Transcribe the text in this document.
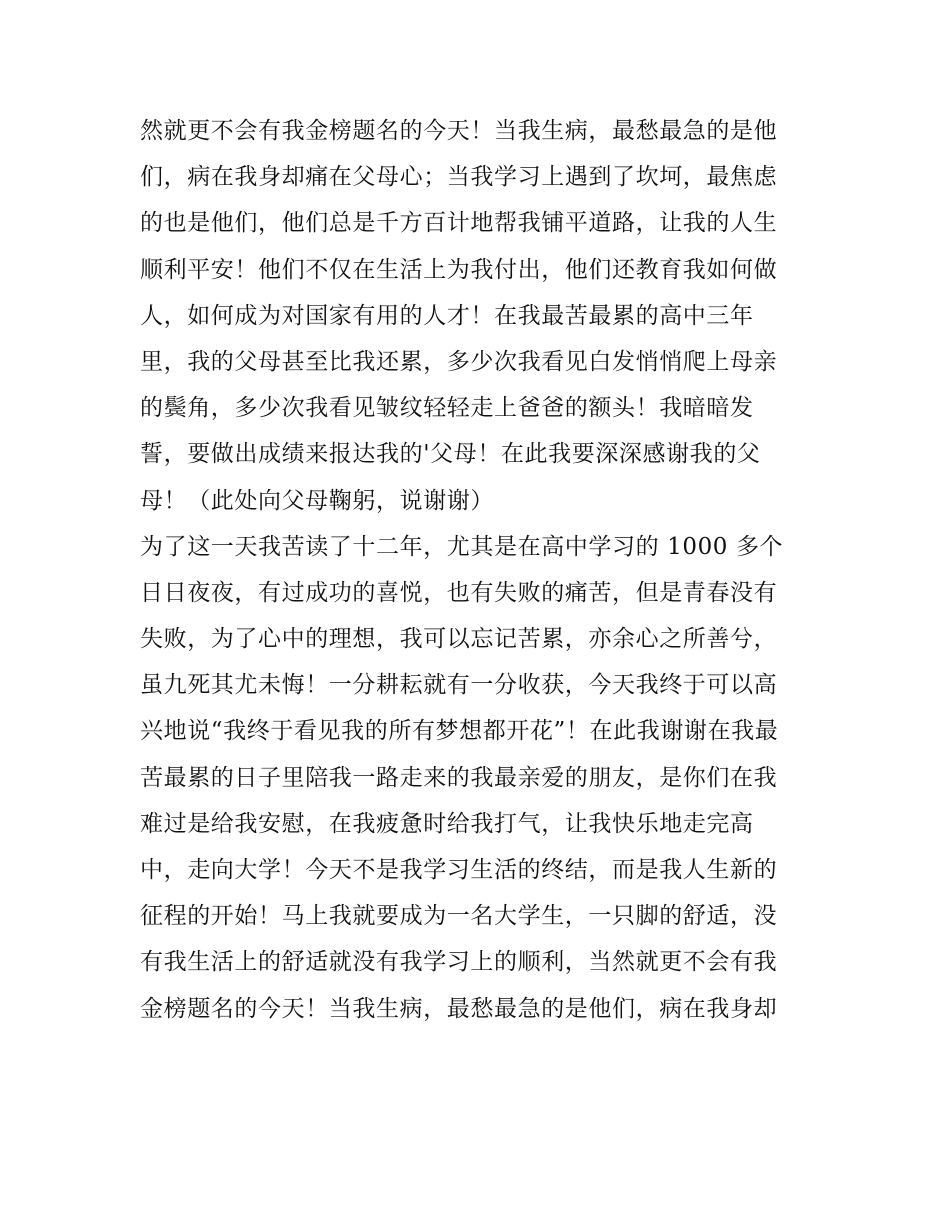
然就更不会有我金榜题名的今天！当我生病，最愁最急的是他
们，病在我身却痛在父母心；当我学习上遇到了坎坷，最焦虑
的也是他们，他们总是千方百计地帮我铺平道路，让我的人生
顺利平安！他们不仅在生活上为我付出，他们还教育我如何做
人，如何成为对国家有用的人才！在我最苦最累的高中三年
里，我的父母甚至比我还累，多少次我看见白发悄悄爬上母亲
的鬓角，多少次我看见皱纹轻轻走上爸爸的额头！我暗暗发
誓，要做出成绩来报达我的'父母！在此我要深深感谢我的父
母！（此处向父母鞠躬，说谢谢）
为了这一天我苦读了十二年，尤其是在高中学习的 1000 多个
日日夜夜，有过成功的喜悦，也有失败的痛苦，但是青春没有
失败，为了心中的理想，我可以忘记苦累，亦余心之所善兮，
虽九死其尤未悔！一分耕耘就有一分收获，今天我终于可以高
兴地说“我终于看见我的所有梦想都开花”！在此我谢谢在我最
苦最累的日子里陪我一路走来的我最亲爱的朋友，是你们在我
难过是给我安慰，在我疲惫时给我打气，让我快乐地走完高
中，走向大学！今天不是我学习生活的终结，而是我人生新的
征程的开始！马上我就要成为一名大学生，一只脚的舒适，没
有我生活上的舒适就没有我学习上的顺利，当然就更不会有我
金榜题名的今天！当我生病，最愁最急的是他们，病在我身却
